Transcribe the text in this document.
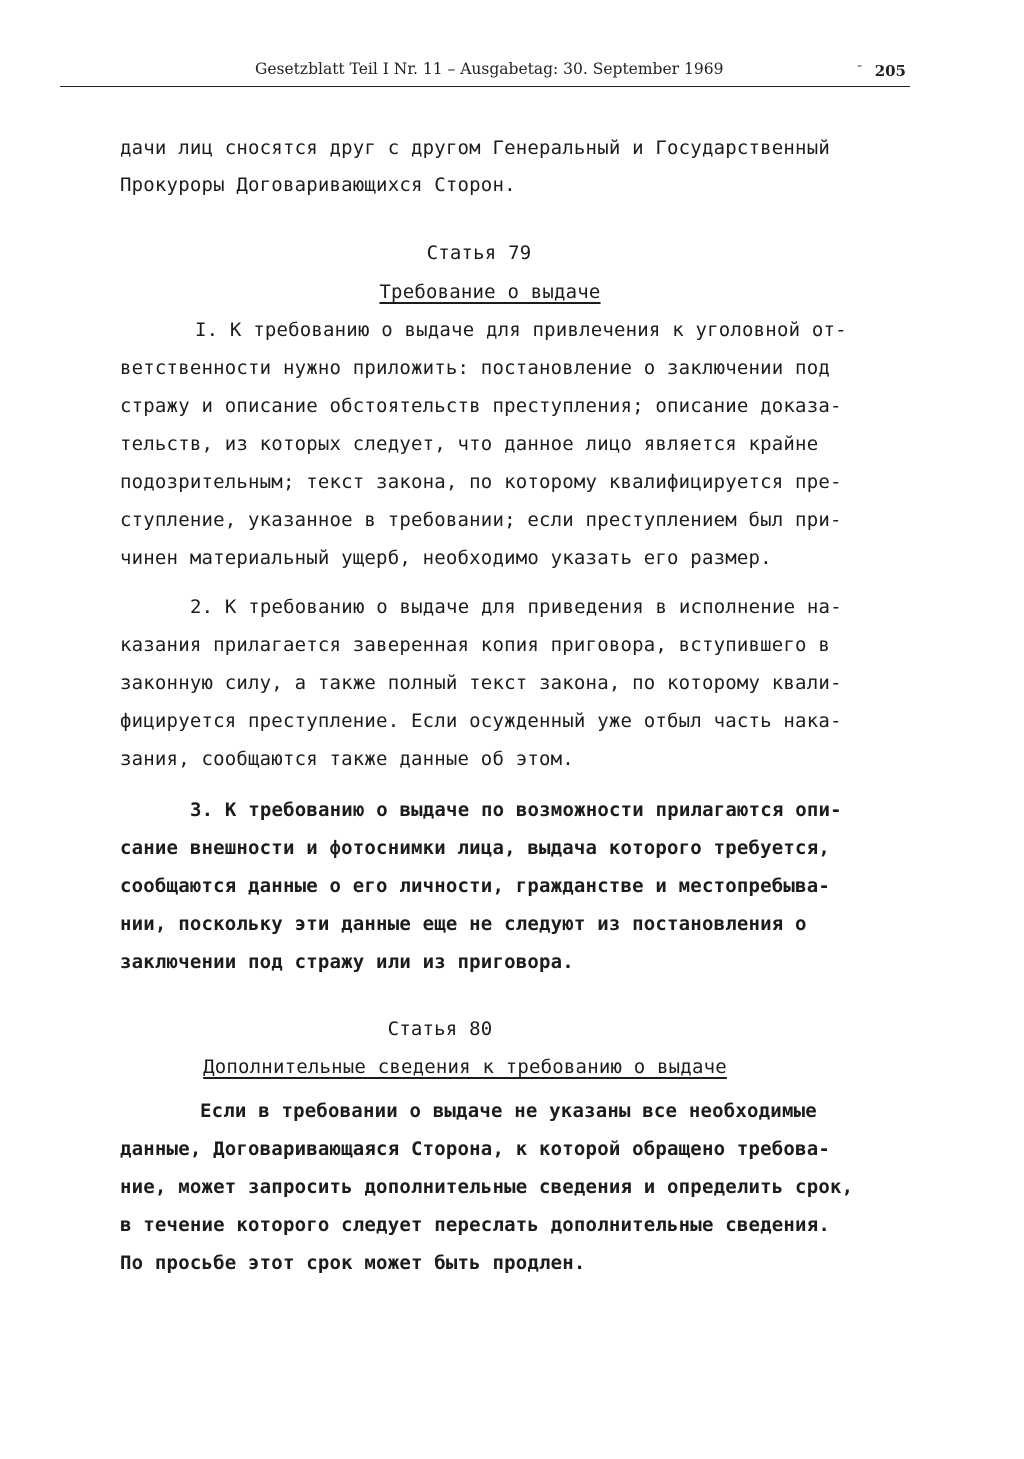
Gesetzblatt Teil I Nr. 11 – Ausgabetag: 30. September 1969	- 205
дачи лиц сносятся друг с другом Генеральный и Государственный
Прокуроры Договаривающихся Сторон.
Статья 79
Требование о выдаче
I. К требованию о выдаче для привлечения к уголовной от-
ветственности нужно приложить: постановление о заключении под
стражу и описание обстоятельств преступления; описание доказа-
тельств, из которых следует, что данное лицо является крайне
подозрительным; текст закона, по которому квалифицируется пре-
ступление, указанное в требовании; если преступлением был при-
чинен материальный ущерб, необходимо указать его размер.
2. К требованию о выдаче для приведения в исполнение на-
казания прилагается заверенная копия приговора, вступившего в
законную силу, а также полный текст закона, по которому квали-
фицируется преступление. Если осужденный уже отбыл часть нака-
зания, сообщаются также данные об этом.
3. К требованию о выдаче по возможности прилагаются опи-
сание внешности и фотоснимки лица, выдача которого требуется,
сообщаются данные о его личности, гражданстве и местопребыва-
нии, поскольку эти данные еще не следуют из постановления о
заключении под стражу или из приговора.
Статья 80
Дополнительные сведения к требованию о выдаче
Если в требовании о выдаче не указаны все необходимые
данные, Договаривающаяся Сторона, к которой обращено требова-
ние, может запросить дополнительные сведения и определить срок,
в течение которого следует переслать дополнительные сведения.
По просьбе этот срок может быть продлен.
